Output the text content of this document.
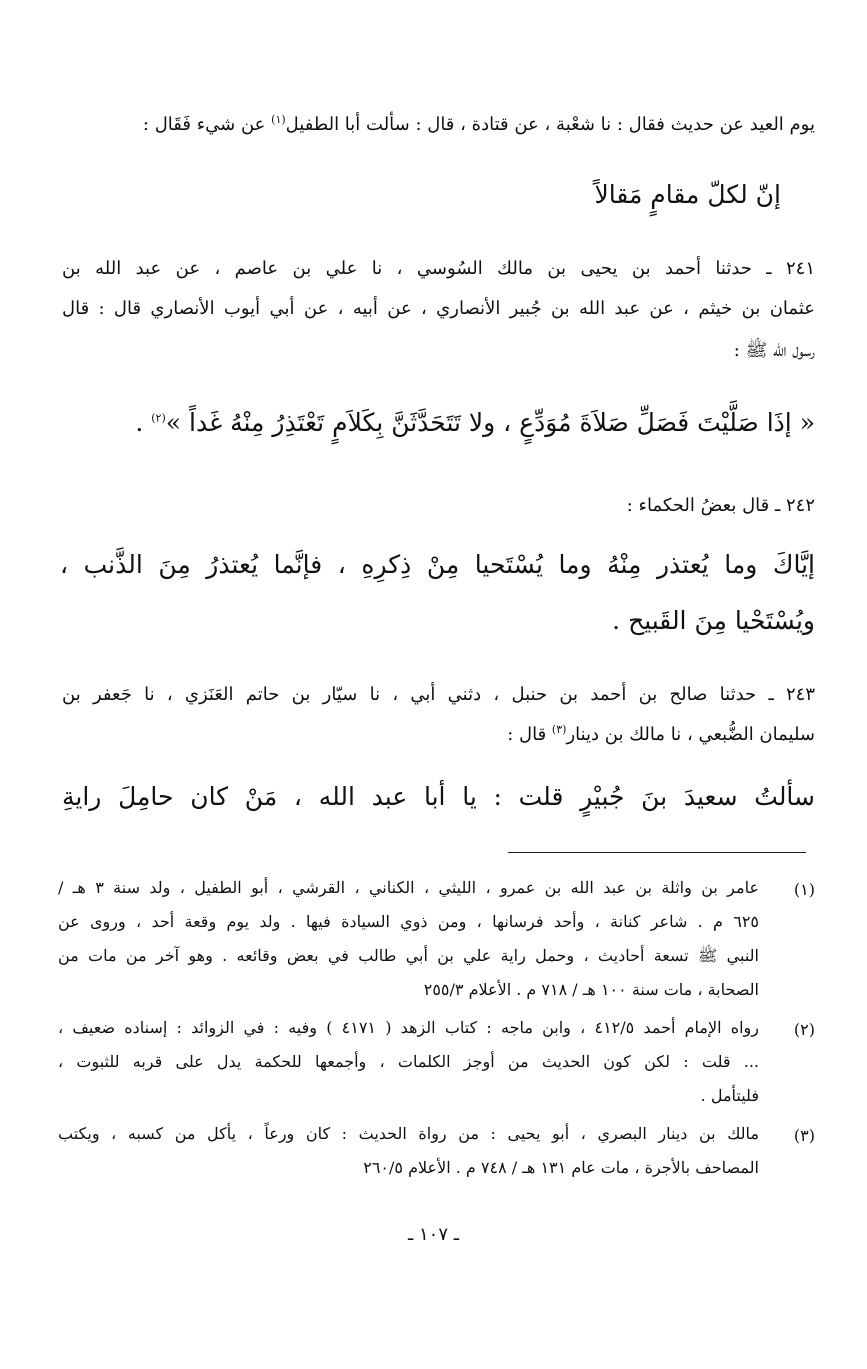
يوم العيد عن حديث فقال : نا شعْبة ، عن قتادة ، قال : سألت أبا الطفيل$^{(١)}$ عن شيء فَقَال :
إنّ لكلّ مقامٍ مَقالاً
٢٤١ ـ حدثنا أحمد بن يحيى بن مالك السُوسي ، نا علي بن عاصم ، عن عبد الله بن
عثمان بن خيثم ، عن عبد الله بن جُبير الأنصاري ، عن أبيه ، عن أبي أيوب الأنصاري قال : قال
رسول الله ﷺ :
« إذَا صَلَّيْتَ فَصَلِّ صَلاَةَ مُوَدِّعٍ ، ولا تَتَحَدَّثَنَّ بِكَلاَمٍ تَعْتَذِرُ مِنْهُ غَداً »$^{(٢)}$ .
٢٤٢ ـ قال بعضُ الحكماء :
إيَّاكَ وما يُعتذر مِنْهُ وما يُسْتَحيا مِنْ ذِكرِهِ ، فإنَّما يُعتذرُ مِنَ الذَّنب ،
ويُسْتَحْيا مِنَ القَبيح .
٢٤٣ ـ حدثنا صالح بن أحمد بن حنبل ، دثني أبي ، نا سيّار بن حاتم العَنَزي ، نا جَعفر بن
سليمان الضُّبعي ، نا مالك بن دينار$^{(٣)}$ قال :
سألتُ سعيدَ بنَ جُبيْرٍ قلت : يا أبا عبد الله ، مَنْ كان حامِلَ رايةِ
(١)
عامر بن واثلة بن عبد الله بن عمرو ، الليثي ، الكناني ، القرشي ، أبو الطفيل ، ولد سنة ٣ هـ /
٦٢٥ م . شاعر كنانة ، وأحد فرسانها ، ومن ذوي السيادة فيها . ولد يوم وقعة أحد ، وروى عن
النبي ﷺ تسعة أحاديث ، وحمل راية علي بن أبي طالب في بعض وقائعه . وهو آخر من مات من
الصحابة ، مات سنة ١٠٠ هـ / ٧١٨ م . الأعلام ٢٥٥/٣
(٢)
رواه الإمام أحمد ٤١٢/٥ ، وابن ماجه : كتاب الزهد ( ٤١٧١ ) وفيه : في الزوائد : إسناده ضعيف ،
... قلت : لكن كون الحديث من أوجز الكلمات ، وأجمعها للحكمة يدل على قربه للثبوت ،
فليتأمل .
(٣)
مالك بن دينار البصري ، أبو يحيى : من رواة الحديث : كان ورعاً ، يأكل من كسبه ، ويكتب
المصاحف بالأجرة ، مات عام ١٣١ هـ / ٧٤٨ م . الأعلام ٢٦٠/٥
ـ ١٠٧ ـ
